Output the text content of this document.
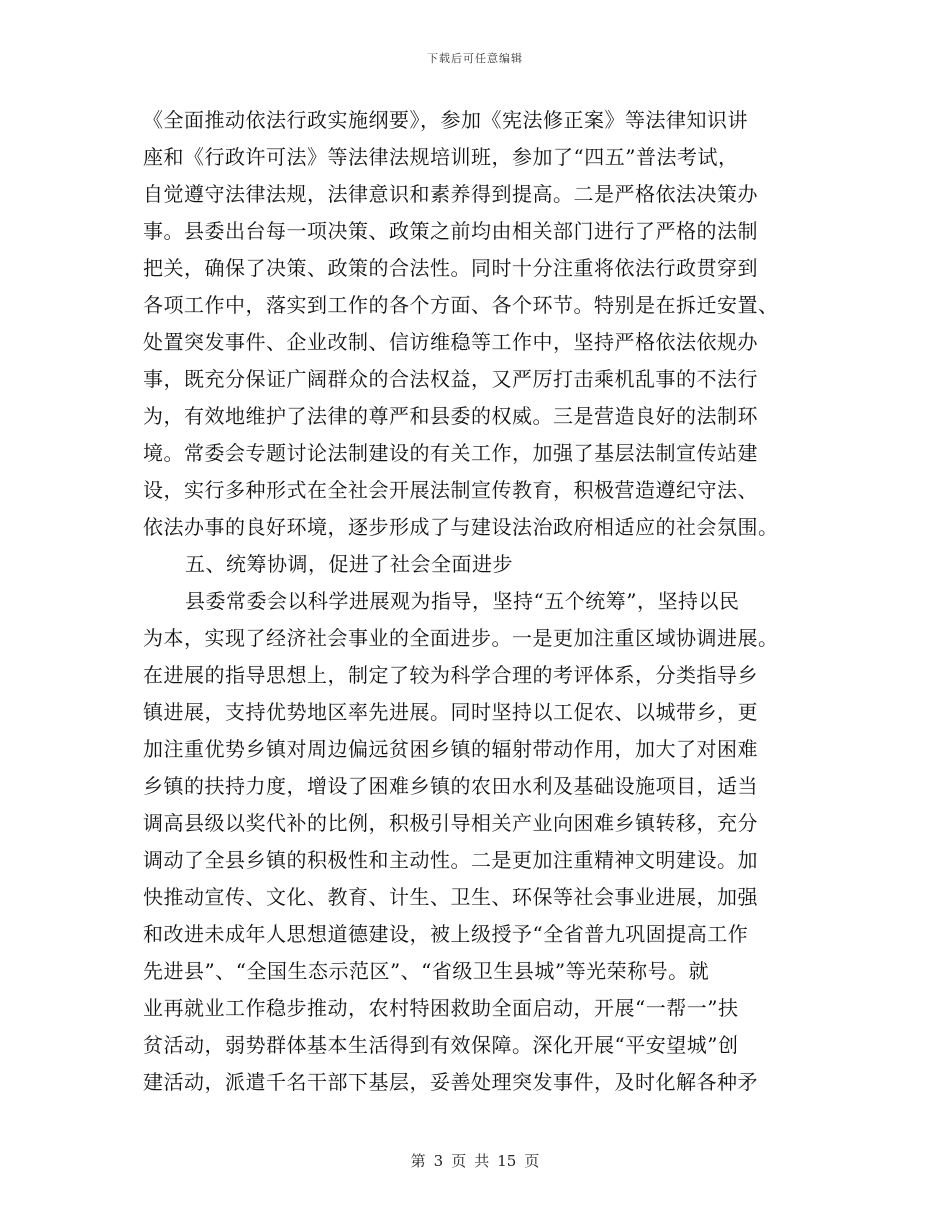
下载后可任意编辑
《全面推动依法行政实施纲要》，参加《宪法修正案》等法律知识讲
座和《行政许可法》等法律法规培训班，参加了“四五”普法考试，
自觉遵守法律法规，法律意识和素养得到提高。二是严格依法决策办
事。县委出台每一项决策、政策之前均由相关部门进行了严格的法制
把关，确保了决策、政策的合法性。同时十分注重将依法行政贯穿到
各项工作中，落实到工作的各个方面、各个环节。特别是在拆迁安置、
处置突发事件、企业改制、信访维稳等工作中，坚持严格依法依规办
事，既充分保证广阔群众的合法权益，又严厉打击乘机乱事的不法行
为，有效地维护了法律的尊严和县委的权威。三是营造良好的法制环
境。常委会专题讨论法制建设的有关工作，加强了基层法制宣传站建
设，实行多种形式在全社会开展法制宣传教育，积极营造遵纪守法、
依法办事的良好环境，逐步形成了与建设法治政府相适应的社会氛围。
五、统筹协调，促进了社会全面进步
县委常委会以科学进展观为指导，坚持“五个统筹”，坚持以民
为本，实现了经济社会事业的全面进步。一是更加注重区域协调进展。
在进展的指导思想上，制定了较为科学合理的考评体系，分类指导乡
镇进展，支持优势地区率先进展。同时坚持以工促农、以城带乡，更
加注重优势乡镇对周边偏远贫困乡镇的辐射带动作用，加大了对困难
乡镇的扶持力度，增设了困难乡镇的农田水利及基础设施项目，适当
调高县级以奖代补的比例，积极引导相关产业向困难乡镇转移，充分
调动了全县乡镇的积极性和主动性。二是更加注重精神文明建设。加
快推动宣传、文化、教育、计生、卫生、环保等社会事业进展，加强
和改进未成年人思想道德建设，被上级授予“全省普九巩固提高工作
先进县”、“全国生态示范区”、“省级卫生县城”等光荣称号。就
业再就业工作稳步推动，农村特困救助全面启动，开展“一帮一”扶
贫活动，弱势群体基本生活得到有效保障。深化开展“平安望城”创
建活动，派遣千名干部下基层，妥善处理突发事件，及时化解各种矛
第 3 页 共 15 页
